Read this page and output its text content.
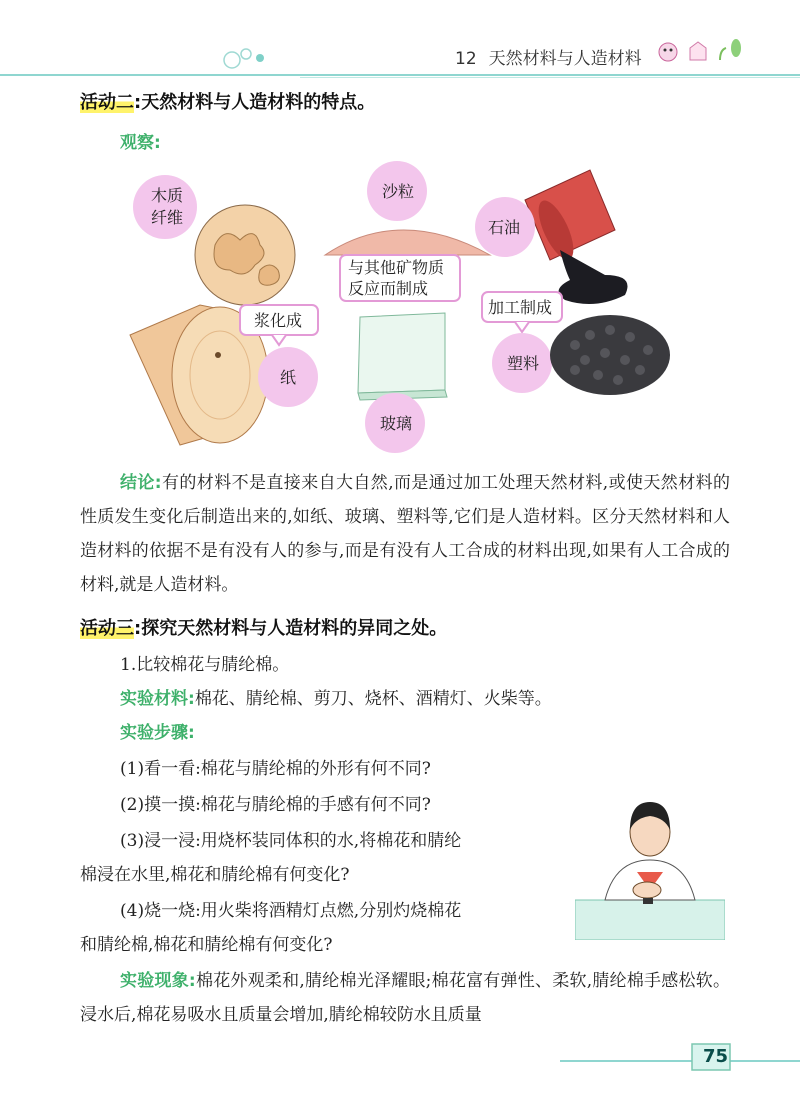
12 天然材料与人造材料
活动二:天然材料与人造材料的特点。
观察:
木质
纤维
浆化成
纸
沙粒
与其他矿物质
反应而制成
玻璃
石油
加工制成
塑料
结论:有的材料不是直接来自大自然,而是通过加工处理天然材料,或使天然材料的性质发生变化后制造出来的,如纸、玻璃、塑料等,它们是人造材料。区分天然材料和人造材料的依据不是有没有人的参与,而是有没有人工合成的材料出现,如果有人工合成的材料,就是人造材料。
活动三:探究天然材料与人造材料的异同之处。
1.比较棉花与腈纶棉。
实验材料:棉花、腈纶棉、剪刀、烧杯、酒精灯、火柴等。
实验步骤:
(1)看一看:棉花与腈纶棉的外形有何不同?
(2)摸一摸:棉花与腈纶棉的手感有何不同?
(3)浸一浸:用烧杯装同体积的水,将棉花和腈纶
棉浸在水里,棉花和腈纶棉有何变化?
(4)烧一烧:用火柴将酒精灯点燃,分别灼烧棉花
和腈纶棉,棉花和腈纶棉有何变化?
实验现象:棉花外观柔和,腈纶棉光泽耀眼;棉花富有弹性、柔软,腈纶棉手感松软。浸水后,棉花易吸水且质量会增加,腈纶棉较防水且质量
75
